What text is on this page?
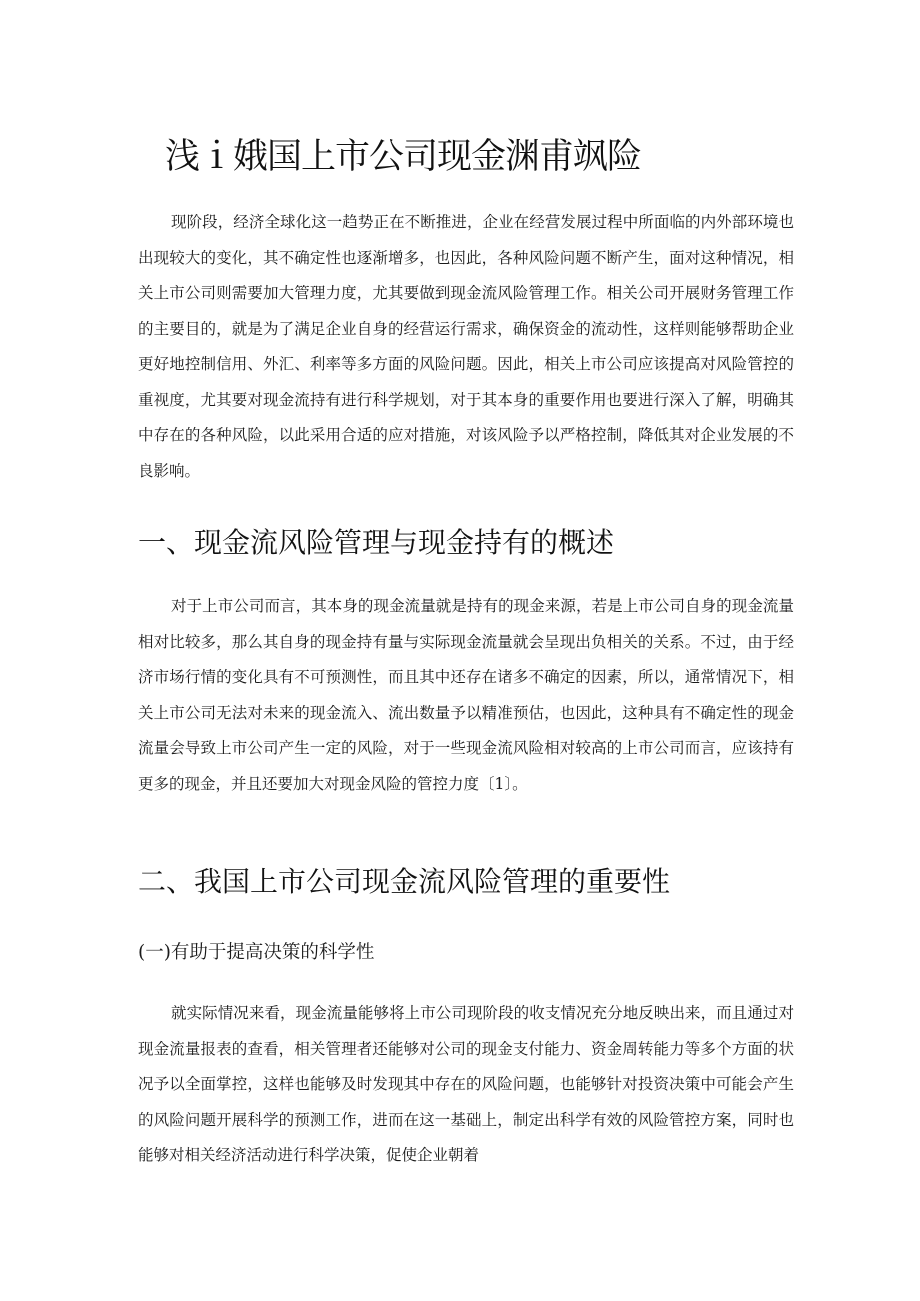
浅ｉ娥国上市公司现金渊甫飒险
现阶段，经济全球化这一趋势正在不断推进，企业在经营发展过程中所面临的内外部环境也出现较大的变化，其不确定性也逐渐增多，也因此，各种风险问题不断产生，面对这种情况，相关上市公司则需要加大管理力度，尤其要做到现金流风险管理工作。相关公司开展财务管理工作的主要目的，就是为了满足企业自身的经营运行需求，确保资金的流动性，这样则能够帮助企业更好地控制信用、外汇、利率等多方面的风险问题。因此，相关上市公司应该提高对风险管控的重视度，尤其要对现金流持有进行科学规划，对于其本身的重要作用也要进行深入了解，明确其中存在的各种风险，以此采用合适的应对措施，对该风险予以严格控制，降低其对企业发展的不良影响。
一、现金流风险管理与现金持有的概述
对于上市公司而言，其本身的现金流量就是持有的现金来源，若是上市公司自身的现金流量相对比较多，那么其自身的现金持有量与实际现金流量就会呈现出负相关的关系。不过，由于经济市场行情的变化具有不可预测性，而且其中还存在诸多不确定的因素，所以，通常情况下，相关上市公司无法对未来的现金流入、流出数量予以精准预估，也因此，这种具有不确定性的现金流量会导致上市公司产生一定的风险，对于一些现金流风险相对较高的上市公司而言，应该持有更多的现金，并且还要加大对现金风险的管控力度〔1〕。
二、我国上市公司现金流风险管理的重要性
(一)有助于提高决策的科学性
就实际情况来看，现金流量能够将上市公司现阶段的收支情况充分地反映出来，而且通过对现金流量报表的查看，相关管理者还能够对公司的现金支付能力、资金周转能力等多个方面的状况予以全面掌控，这样也能够及时发现其中存在的风险问题，也能够针对投资决策中可能会产生的风险问题开展科学的预测工作，进而在这一基础上，制定出科学有效的风险管控方案，同时也能够对相关经济活动进行科学决策，促使企业朝着
